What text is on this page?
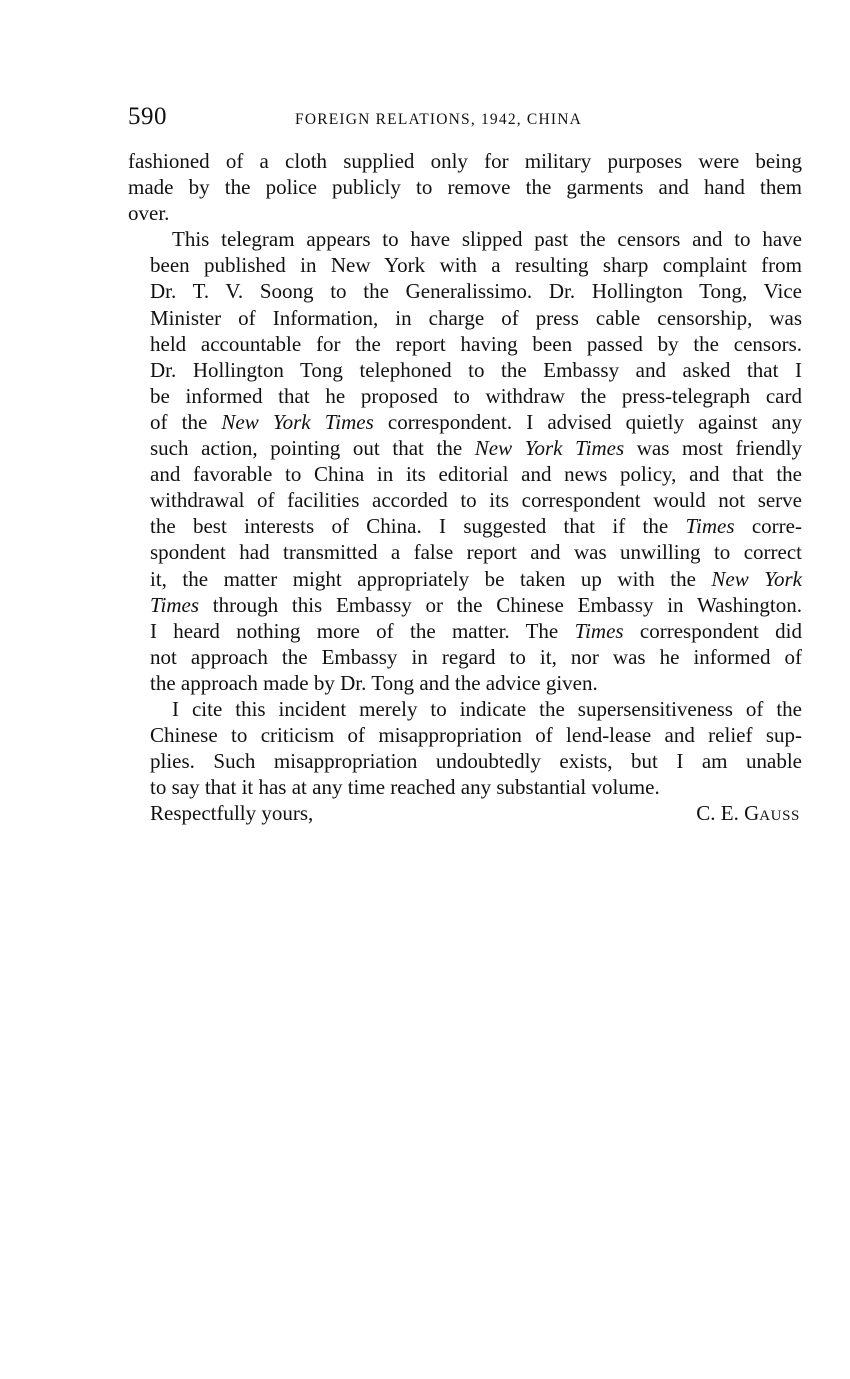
590	FOREIGN RELATIONS, 1942, CHINA

fashioned of a cloth supplied only for military purposes were being
made by the police publicly to remove the garments and hand them
over.

This telegram appears to have slipped past the censors and to have
been published in New York with a resulting sharp complaint from
Dr. T. V. Soong to the Generalissimo. Dr. Hollington Tong, Vice
Minister of Information, in charge of press cable censorship, was
held accountable for the report having been passed by the censors.
Dr. Hollington Tong telephoned to the Embassy and asked that I
be informed that he proposed to withdraw the press-telegraph card
of the New York Times correspondent. I advised quietly against any
such action, pointing out that the New York Times was most friendly
and favorable to China in its editorial and news policy, and that the
withdrawal of facilities accorded to its correspondent would not serve
the best interests of China. I suggested that if the Times corre-
spondent had transmitted a false report and was unwilling to correct
it, the matter might appropriately be taken up with the New York
Times through this Embassy or the Chinese Embassy in Washington.
I heard nothing more of the matter. The Times correspondent did
not approach the Embassy in regard to it, nor was he informed of
the approach made by Dr. Tong and the advice given.

I cite this incident merely to indicate the supersensitiveness of the
Chinese to criticism of misappropriation of lend-lease and relief sup-
plies. Such misappropriation undoubtedly exists, but I am unable
to say that it has at any time reached any substantial volume.

Respectfully yours,	C. E. GAUSS
